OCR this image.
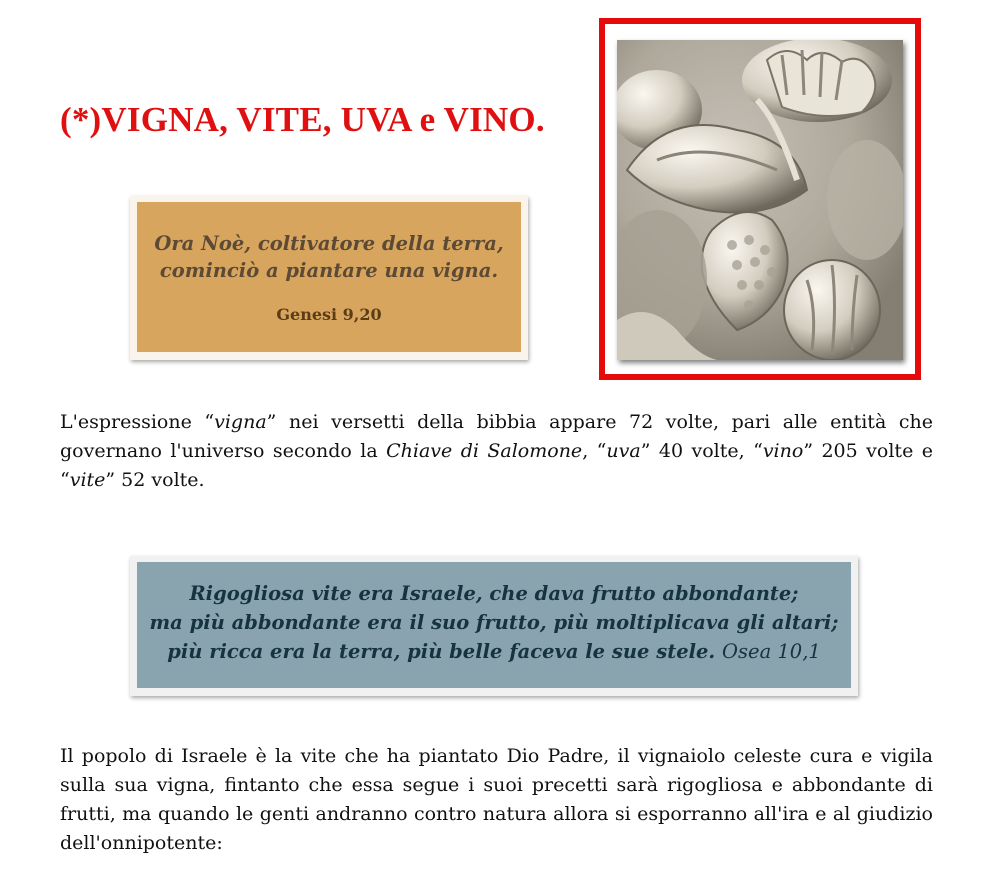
(*)VIGNA, VITE, UVA e VINO.
Ora Noè, coltivatore della terra,
cominciò a piantare una vigna.
Genesi 9,20
L'espressione “vigna” nei versetti della bibbia appare 72 volte, pari alle entità che governano l'universo secondo la Chiave di Salomone, “uva” 40 volte, “vino” 205 volte e “vite” 52 volte.
Rigogliosa vite era Israele, che dava frutto abbondante;
ma più abbondante era il suo frutto, più moltiplicava gli altari;
più ricca era la terra, più belle faceva le sue stele. Osea 10,1
Il popolo di Israele è la vite che ha piantato Dio Padre, il vignaiolo celeste cura e vigila sulla sua vigna, fintanto che essa segue i suoi precetti sarà rigogliosa e abbondante di frutti, ma quando le genti andranno contro natura allora si esporranno all'ira e al giudizio dell'onnipotente:
